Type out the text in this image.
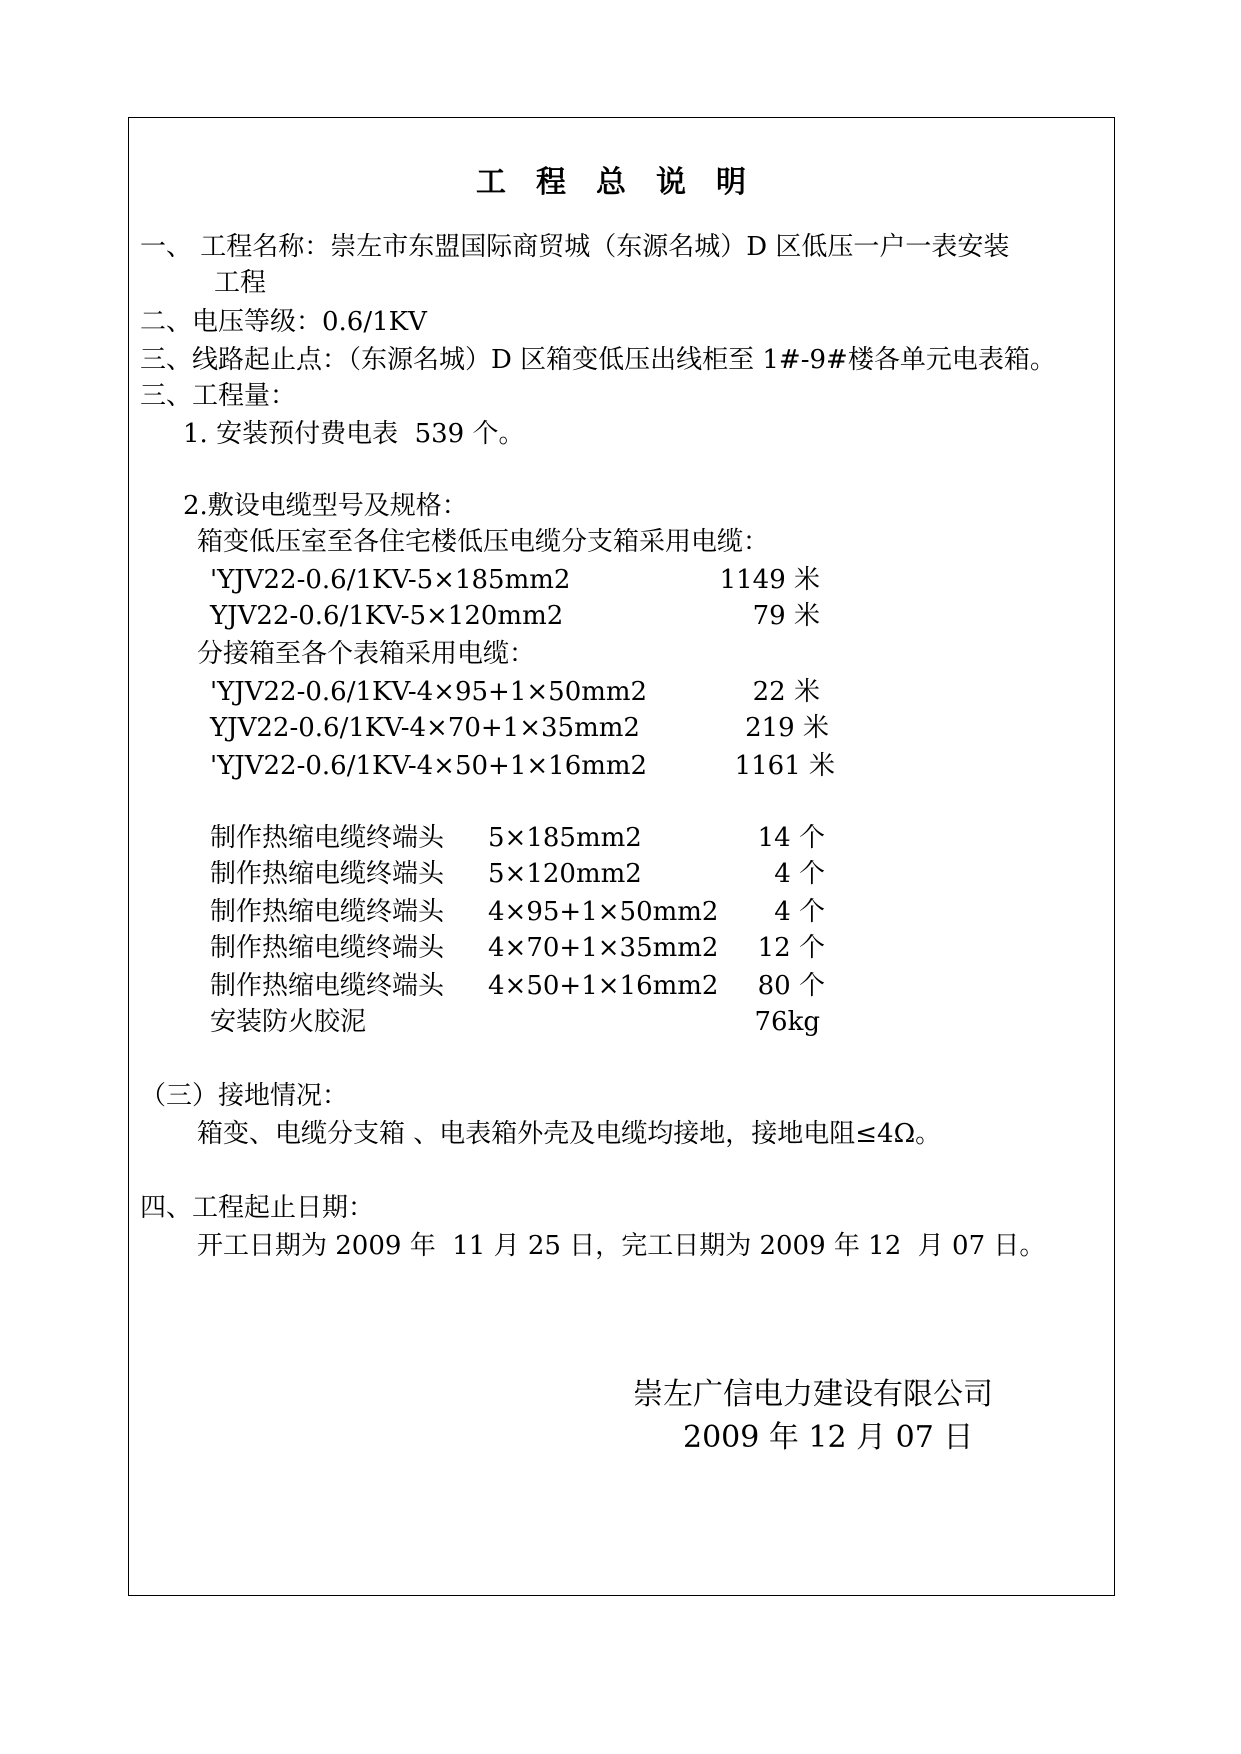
工程总说明
一、 工程名称：崇左市东盟国际商贸城（东源名城）D 区低压一户一表安装
工程
二、电压等级：0.6/1KV
三、线路起止点：（东源名城）D 区箱变低压出线柜至 1#-9#楼各单元电表箱。
三、工程量：
1. 安装预付费电表  539 个。
2.敷设电缆型号及规格：
箱变低压室至各住宅楼低压电缆分支箱采用电缆：
'YJV22-0.6/1KV-5×185mm2	1149 米
YJV22-0.6/1KV-5×120mm2	79 米
分接箱至各个表箱采用电缆：
'YJV22-0.6/1KV-4×95+1×50mm2	22 米
YJV22-0.6/1KV-4×70+1×35mm2	219 米
'YJV22-0.6/1KV-4×50+1×16mm2	1161 米
制作热缩电缆终端头 5×185mm2	14 个
制作热缩电缆终端头 5×120mm2	4 个
制作热缩电缆终端头 4×95+1×50mm2	4 个
制作热缩电缆终端头 4×70+1×35mm2	12 个
制作热缩电缆终端头 4×50+1×16mm2	80 个
安装防火胶泥	76kg
（三）接地情况：
箱变、电缆分支箱 、电表箱外壳及电缆均接地，接地电阻≤4Ω。
四、工程起止日期：
开工日期为 2009 年  11 月 25 日，完工日期为 2009 年 12  月 07 日。
崇左广信电力建设有限公司
2009 年 12 月 07 日
